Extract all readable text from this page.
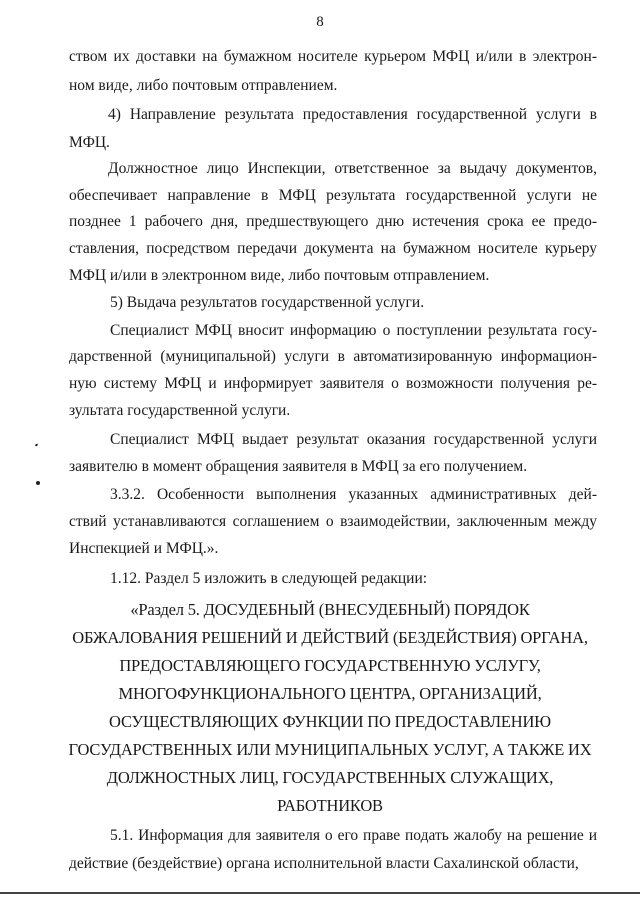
8
ством их доставки на бумажном носителе курьером МФЦ и/или в электрон-
ном виде, либо почтовым отправлением.
4) Направление результата предоставления государственной услуги в
МФЦ.
Должностное лицо Инспекции, ответственное за выдачу документов,
обеспечивает направление в МФЦ результата государственной услуги не
позднее 1 рабочего дня, предшествующего дню истечения срока ее предо-
ставления, посредством передачи документа на бумажном носителе курьеру
МФЦ и/или в электронном виде, либо почтовым отправлением.
5) Выдача результатов государственной услуги.
Специалист МФЦ вносит информацию о поступлении результата госу-
дарственной (муниципальной) услуги в автоматизированную информацион-
ную систему МФЦ и информирует заявителя о возможности получения ре-
зультата государственной услуги.
Специалист МФЦ выдает результат оказания государственной услуги
заявителю в момент обращения заявителя в МФЦ за его получением.
3.3.2. Особенности выполнения указанных административных дей-
ствий устанавливаются соглашением о взаимодействии, заключенным между
Инспекцией и МФЦ.».
1.12. Раздел 5 изложить в следующей редакции:
«Раздел 5. ДОСУДЕБНЫЙ (ВНЕСУДЕБНЫЙ) ПОРЯДОК
ОБЖАЛОВАНИЯ РЕШЕНИЙ И ДЕЙСТВИЙ (БЕЗДЕЙСТВИЯ) ОРГАНА,
ПРЕДОСТАВЛЯЮЩЕГО ГОСУДАРСТВЕННУЮ УСЛУГУ,
МНОГОФУНКЦИОНАЛЬНОГО ЦЕНТРА, ОРГАНИЗАЦИЙ,
ОСУЩЕСТВЛЯЮЩИХ ФУНКЦИИ ПО ПРЕДОСТАВЛЕНИЮ
ГОСУДАРСТВЕННЫХ ИЛИ МУНИЦИПАЛЬНЫХ УСЛУГ, А ТАКЖЕ ИХ
ДОЛЖНОСТНЫХ ЛИЦ, ГОСУДАРСТВЕННЫХ СЛУЖАЩИХ,
РАБОТНИКОВ
5.1. Информация для заявителя о его праве подать жалобу на решение и
действие (бездействие) органа исполнительной власти Сахалинской области,
